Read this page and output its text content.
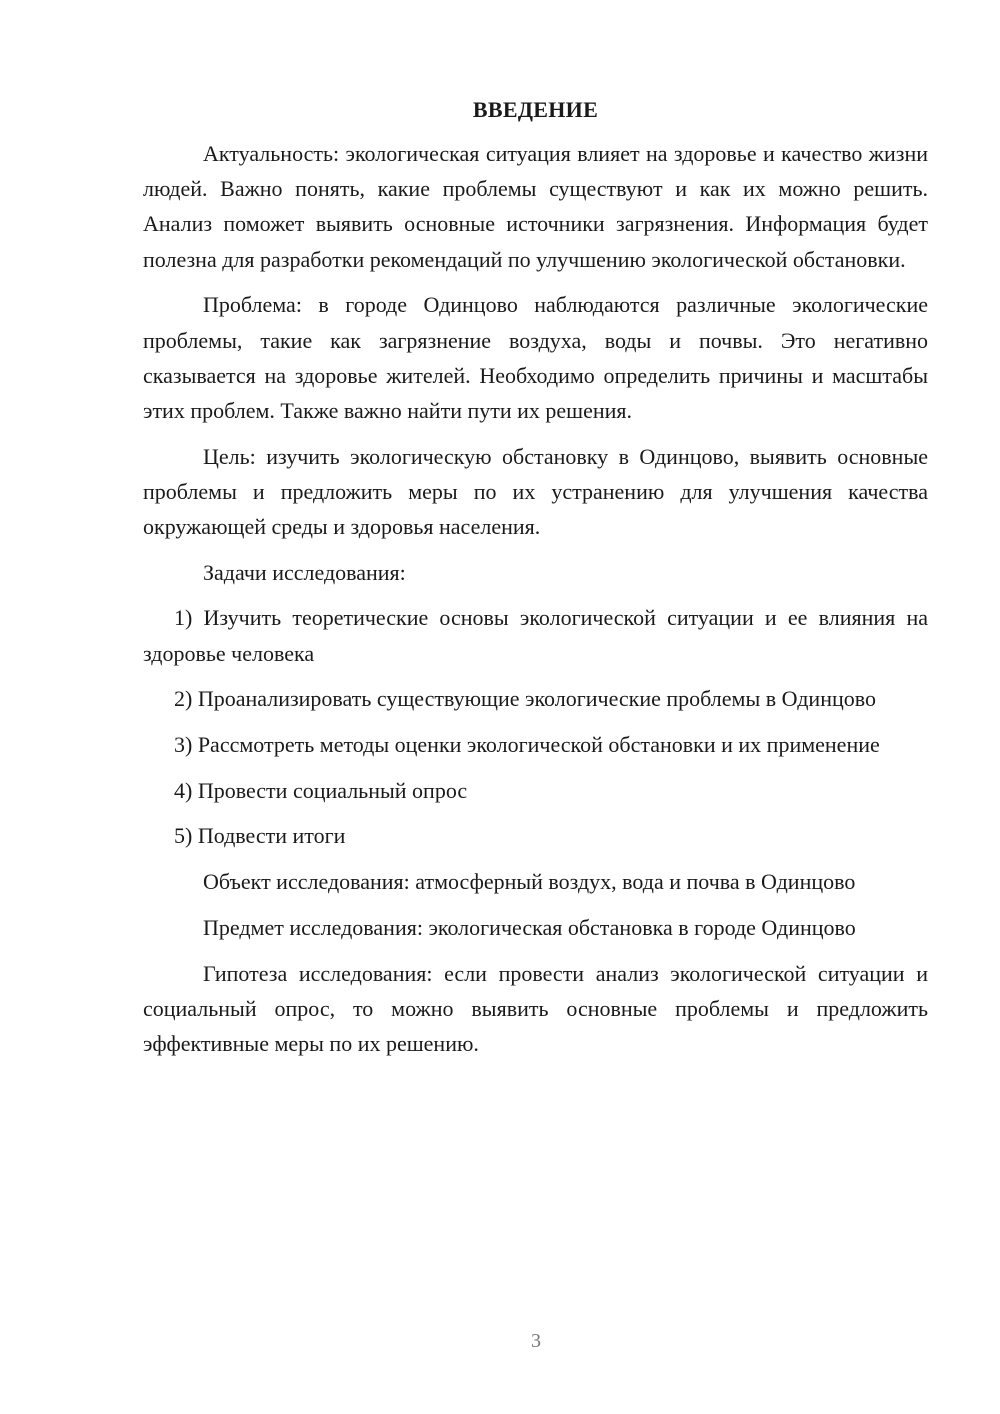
ВВЕДЕНИЕ

Актуальность: экологическая ситуация влияет на здоровье и качество жизни людей. Важно понять, какие проблемы существуют и как их можно решить. Анализ поможет выявить основные источники загрязнения. Информация будет полезна для разработки рекомендаций по улучшению экологической обстановки.

Проблема: в городе Одинцово наблюдаются различные экологические проблемы, такие как загрязнение воздуха, воды и почвы. Это негативно сказывается на здоровье жителей. Необходимо определить причины и масштабы этих проблем. Также важно найти пути их решения.

Цель: изучить экологическую обстановку в Одинцово, выявить основные проблемы и предложить меры по их устранению для улучшения качества окружающей среды и здоровья населения.

Задачи исследования:

1) Изучить теоретические основы экологической ситуации и ее влияния на здоровье человека

2) Проанализировать существующие экологические проблемы в Одинцово

3) Рассмотреть методы оценки экологической обстановки и их применение

4) Провести социальный опрос

5) Подвести итоги

Объект исследования: атмосферный воздух, вода и почва в Одинцово

Предмет исследования: экологическая обстановка в городе Одинцово

Гипотеза исследования: если провести анализ экологической ситуации и социальный опрос, то можно выявить основные проблемы и предложить эффективные меры по их решению.

3
